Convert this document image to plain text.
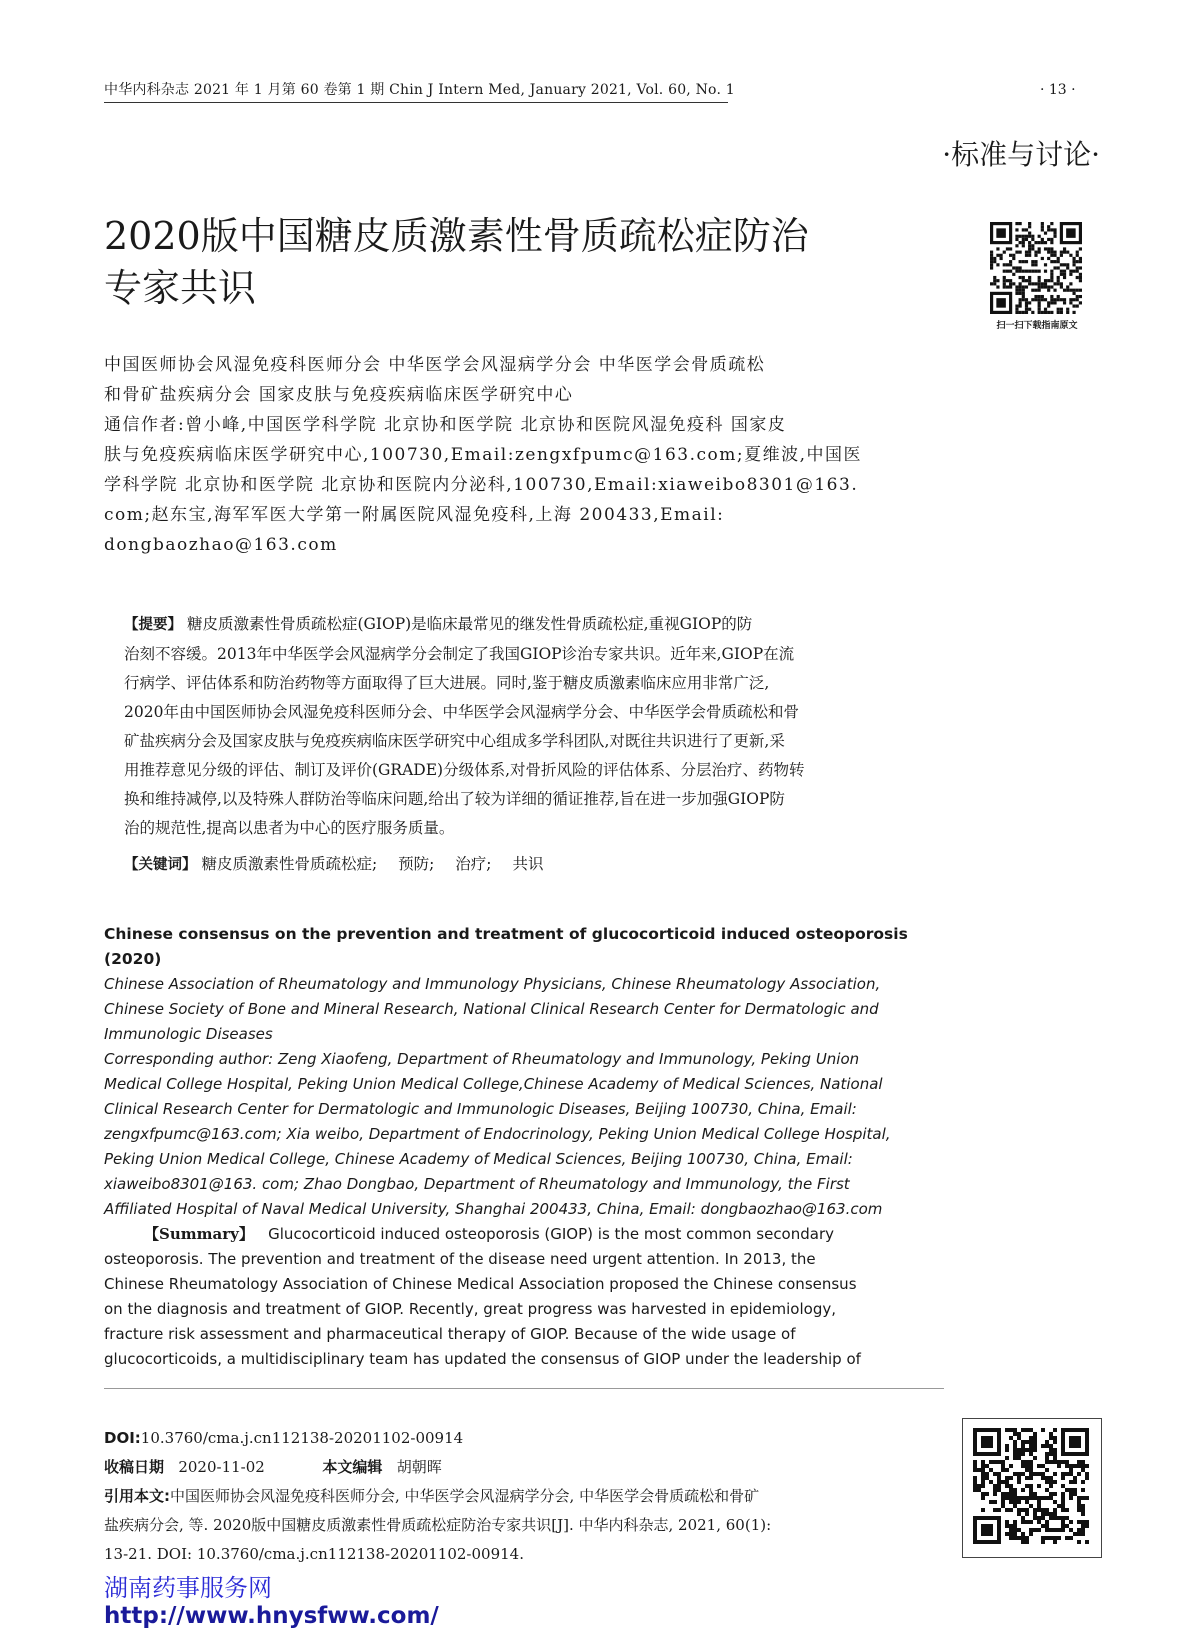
中华内科杂志 2021 年 1 月第 60 卷第 1 期 Chin J Intern Med, January 2021, Vol. 60, No. 1	· 13 ·
·标准与讨论·
2020版中国糖皮质激素性骨质疏松症防治
专家共识
扫一扫下载指南原文
中国医师协会风湿免疫科医师分会 中华医学会风湿病学分会 中华医学会骨质疏松
和骨矿盐疾病分会 国家皮肤与免疫疾病临床医学研究中心
通信作者:曾小峰,中国医学科学院 北京协和医学院 北京协和医院风湿免疫科 国家皮
肤与免疫疾病临床医学研究中心,100730,Email:zengxfpumc@163.com;夏维波,中国医
学科学院 北京协和医学院 北京协和医院内分泌科,100730,Email:xiaweibo8301@163.
com;赵东宝,海军军医大学第一附属医院风湿免疫科,上海 200433,Email:
dongbaozhao@163.com
【提要】 糖皮质激素性骨质疏松症(GIOP)是临床最常见的继发性骨质疏松症,重视GIOP的防
治刻不容缓。2013年中华医学会风湿病学分会制定了我国GIOP诊治专家共识。近年来,GIOP在流
行病学、评估体系和防治药物等方面取得了巨大进展。同时,鉴于糖皮质激素临床应用非常广泛,
2020年由中国医师协会风湿免疫科医师分会、中华医学会风湿病学分会、中华医学会骨质疏松和骨
矿盐疾病分会及国家皮肤与免疫疾病临床医学研究中心组成多学科团队,对既往共识进行了更新,采
用推荐意见分级的评估、制订及评价(GRADE)分级体系,对骨折风险的评估体系、分层治疗、药物转
换和维持减停,以及特殊人群防治等临床问题,给出了较为详细的循证推荐,旨在进一步加强GIOP防
治的规范性,提高以患者为中心的医疗服务质量。
【关键词】 糖皮质激素性骨质疏松症; 预防; 治疗; 共识
Chinese consensus on the prevention and treatment of glucocorticoid induced osteoporosis
(2020)
Chinese Association of Rheumatology and Immunology Physicians, Chinese Rheumatology Association,
Chinese Society of Bone and Mineral Research, National Clinical Research Center for Dermatologic and
Immunologic Diseases
Corresponding author: Zeng Xiaofeng, Department of Rheumatology and Immunology, Peking Union
Medical College Hospital, Peking Union Medical College,Chinese Academy of Medical Sciences, National
Clinical Research Center for Dermatologic and Immunologic Diseases, Beijing 100730, China, Email:
zengxfpumc@163.com; Xia weibo, Department of Endocrinology, Peking Union Medical College Hospital,
Peking Union Medical College, Chinese Academy of Medical Sciences, Beijing 100730, China, Email:
xiaweibo8301@163. com; Zhao Dongbao, Department of Rheumatology and Immunology, the First
Affiliated Hospital of Naval Medical University, Shanghai 200433, China, Email: dongbaozhao@163.com
【Summary】 Glucocorticoid induced osteoporosis (GIOP) is the most common secondary
osteoporosis. The prevention and treatment of the disease need urgent attention. In 2013, the
Chinese Rheumatology Association of Chinese Medical Association proposed the Chinese consensus
on the diagnosis and treatment of GIOP. Recently, great progress was harvested in epidemiology,
fracture risk assessment and pharmaceutical therapy of GIOP. Because of the wide usage of
glucocorticoids, a multidisciplinary team has updated the consensus of GIOP under the leadership of
DOI:10.3760/cma.j.cn112138-20201102-00914
收稿日期 2020-11-02	本文编辑 胡朝晖
引用本文:中国医师协会风湿免疫科医师分会, 中华医学会风湿病学分会, 中华医学会骨质疏松和骨矿
盐疾病分会, 等. 2020版中国糖皮质激素性骨质疏松症防治专家共识[J]. 中华内科杂志, 2021, 60(1):
13-21. DOI: 10.3760/cma.j.cn112138-20201102-00914.
湖南药事服务网
http://www.hnysfww.com/
